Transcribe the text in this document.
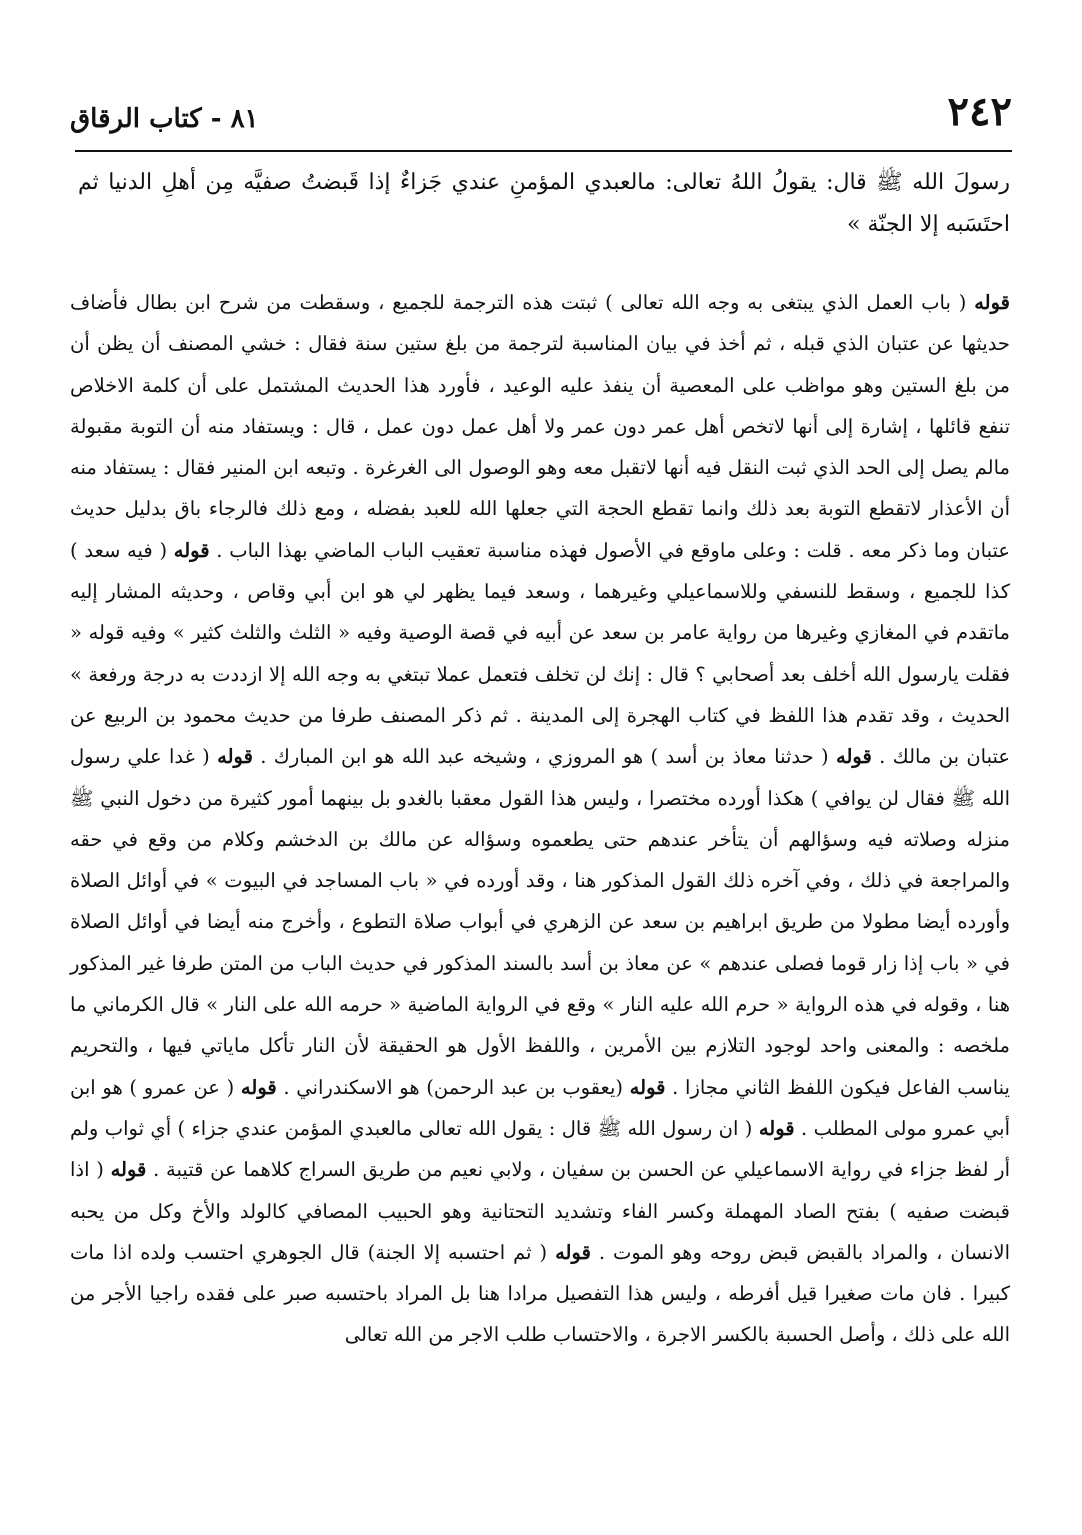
٢٤٢
٨١ - كتاب الرقاق
رسولَ الله ﷺ قال: يقولُ اللهُ تعالى: مالعبدي المؤمنِ عندي جَزاءٌ إذا قَبضتُ صفيَّه مِن أهلِ الدنيا ثم احتَسَبه إلا الجنّة »
قوله ( باب العمل الذي يبتغى به وجه الله تعالى ) ثبتت هذه الترجمة للجميع ، وسقطت من شرح ابن بطال فأضاف حديثها عن عتبان الذي قبله ، ثم أخذ في بيان المناسبة لترجمة من بلغ ستين سنة فقال : خشي المصنف أن يظن أن من بلغ الستين وهو مواظب على المعصية أن ينفذ عليه الوعيد ، فأورد هذا الحديث المشتمل على أن كلمة الاخلاص تنفع قائلها ، إشارة إلى أنها لاتخص أهل عمر دون عمر ولا أهل عمل دون عمل ، قال : ويستفاد منه أن التوبة مقبولة مالم يصل إلى الحد الذي ثبت النقل فيه أنها لاتقبل معه وهو الوصول الى الغرغرة . وتبعه ابن المنير فقال : يستفاد منه أن الأعذار لاتقطع التوبة بعد ذلك وانما تقطع الحجة التي جعلها الله للعبد بفضله ، ومع ذلك فالرجاء باق بدليل حديث عتبان وما ذكر معه . قلت : وعلى ماوقع في الأصول فهذه مناسبة تعقيب الباب الماضي بهذا الباب . قوله ( فيه سعد ) كذا للجميع ، وسقط للنسفي وللاسماعيلي وغيرهما ، وسعد فيما يظهر لي هو ابن أبي وقاص ، وحديثه المشار إليه ماتقدم في المغازي وغيرها من رواية عامر بن سعد عن أبيه في قصة الوصية وفيه « الثلث والثلث كثير » وفيه قوله « فقلت يارسول الله أخلف بعد أصحابي ؟ قال : إنك لن تخلف فتعمل عملا تبتغي به وجه الله إلا ازددت به درجة ورفعة » الحديث ، وقد تقدم هذا اللفظ في كتاب الهجرة إلى المدينة . ثم ذكر المصنف طرفا من حديث محمود بن الربيع عن عتبان بن مالك . قوله ( حدثنا معاذ بن أسد ) هو المروزي ، وشيخه عبد الله هو ابن المبارك . قوله ( غدا علي رسول الله ﷺ فقال لن يوافي ) هكذا أورده مختصرا ، وليس هذا القول معقبا بالغدو بل بينهما أمور كثيرة من دخول النبي ﷺ منزله وصلاته فيه وسؤالهم أن يتأخر عندهم حتى يطعموه وسؤاله عن مالك بن الدخشم وكلام من وقع في حقه والمراجعة في ذلك ، وفي آخره ذلك القول المذكور هنا ، وقد أورده في « باب المساجد في البيوت » في أوائل الصلاة وأورده أيضا مطولا من طريق ابراهيم بن سعد عن الزهري في أبواب صلاة التطوع ، وأخرج منه أيضا في أوائل الصلاة في « باب إذا زار قوما فصلى عندهم » عن معاذ بن أسد بالسند المذكور في حديث الباب من المتن طرفا غير المذكور هنا ، وقوله في هذه الرواية « حرم الله عليه النار » وقع في الرواية الماضية « حرمه الله على النار » قال الكرماني ما ملخصه : والمعنى واحد لوجود التلازم بين الأمرين ، واللفظ الأول هو الحقيقة لأن النار تأكل ماياتي فيها ، والتحريم يناسب الفاعل فيكون اللفظ الثاني مجازا . قوله (يعقوب بن عبد الرحمن) هو الاسكندراني . قوله ( عن عمرو ) هو ابن أبي عمرو مولى المطلب . قوله ( ان رسول الله ﷺ قال : يقول الله تعالى مالعبدي المؤمن عندي جزاء ) أي ثواب ولم أر لفظ جزاء في رواية الاسماعيلي عن الحسن بن سفيان ، ولابي نعيم من طريق السراج كلاهما عن قتيبة . قوله ( اذا قبضت صفيه ) بفتح الصاد المهملة وكسر الفاء وتشديد التحتانية وهو الحبيب المصافي كالولد والأخ وكل من يحبه الانسان ، والمراد بالقبض قبض روحه وهو الموت . قوله ( ثم احتسبه إلا الجنة) قال الجوهري احتسب ولده اذا مات كبيرا . فان مات صغيرا قيل أفرطه ، وليس هذا التفصيل مرادا هنا بل المراد باحتسبه صبر على فقده راجيا الأجر من الله على ذلك ، وأصل الحسبة بالكسر الاجرة ، والاحتساب طلب الاجر من الله تعالى
